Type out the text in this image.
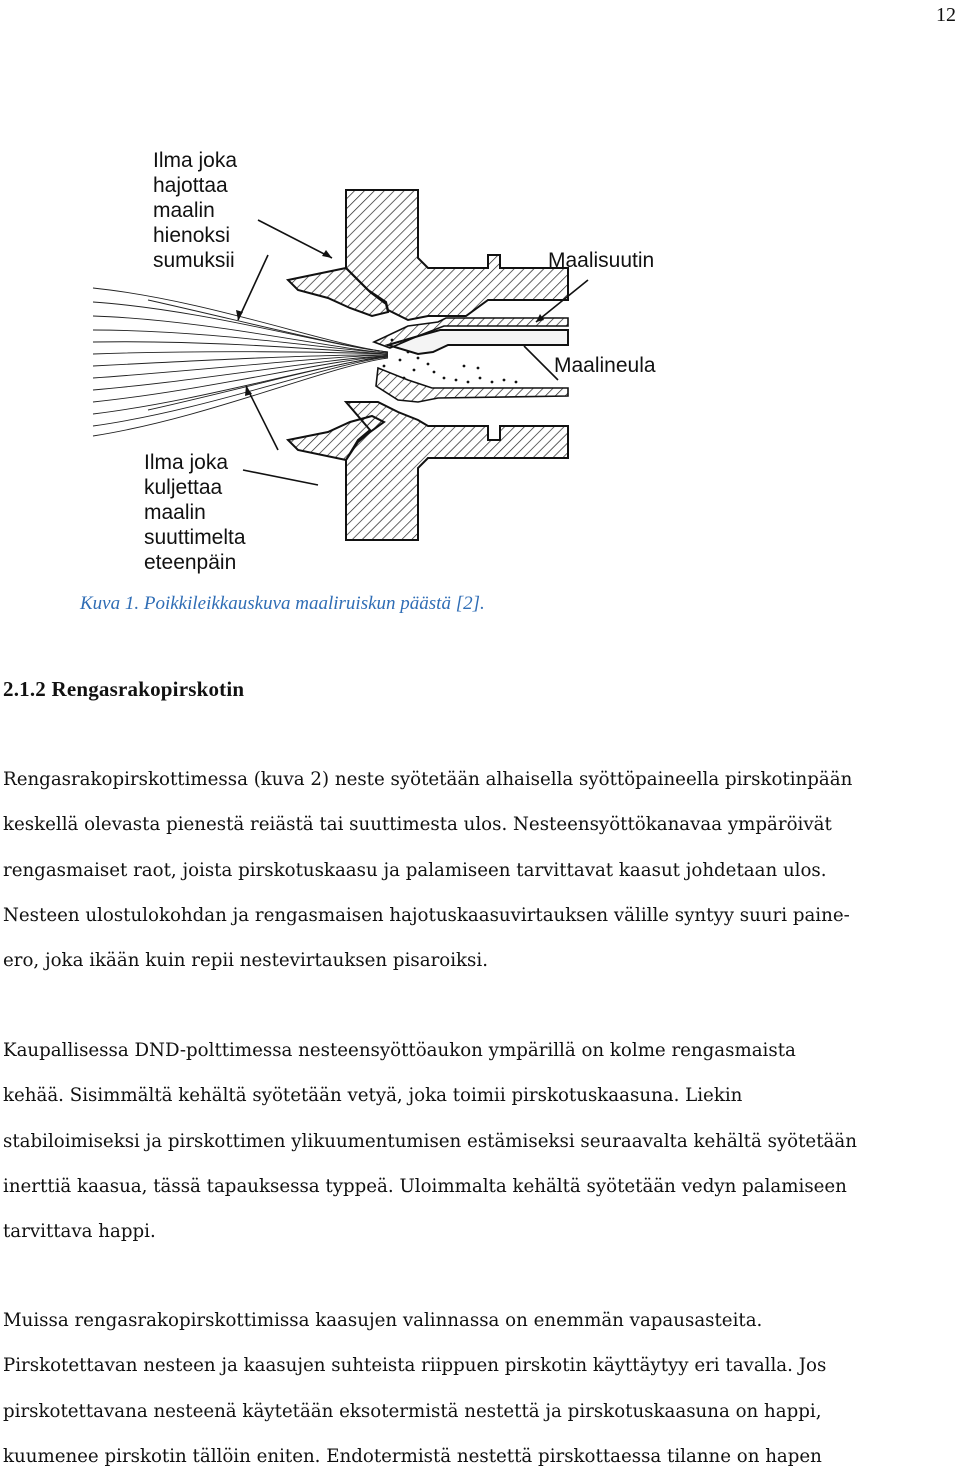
12
Ilma joka
hajottaa
maalin
hienoksi
sumuksii	Maalisuutin
Maalineula
Ilma joka
kuljettaa
maalin
suuttimelta
eteenpäin
Kuva 1. Poikkileikkauskuva maaliruiskun päästä [2].
2.1.2 Rengasrakopirskotin

Rengasrakopirskottimessa (kuva 2) neste syötetään alhaisella syöttöpaineella pirskotinpään
keskellä olevasta pienestä reiästä tai suuttimesta ulos. Nesteensyöttökanavaa ympäröivät
rengasmaiset raot, joista pirskotuskaasu ja palamiseen tarvittavat kaasut johdetaan ulos.
Nesteen ulostulokohdan ja rengasmaisen hajotuskaasuvirtauksen välille syntyy suuri paine-
ero, joka ikään kuin repii nestevirtauksen pisaroiksi.

Kaupallisessa DND-polttimessa nesteensyöttöaukon ympärillä on kolme rengasmaista
kehää. Sisimmältä kehältä syötetään vetyä, joka toimii pirskotuskaasuna. Liekin
stabiloimiseksi ja pirskottimen ylikuumentumisen estämiseksi seuraavalta kehältä syötetään
inerttiä kaasua, tässä tapauksessa typpeä. Uloimmalta kehältä syötetään vedyn palamiseen
tarvittava happi.

Muissa rengasrakopirskottimissa kaasujen valinnassa on enemmän vapausasteita.
Pirskotettavan nesteen ja kaasujen suhteista riippuen pirskotin käyttäytyy eri tavalla. Jos
pirskotettavana nesteenä käytetään eksotermistä nestettä ja pirskotuskaasuna on happi,
kuumenee pirskotin tällöin eniten. Endotermistä nestettä pirskottaessa tilanne on hapen
